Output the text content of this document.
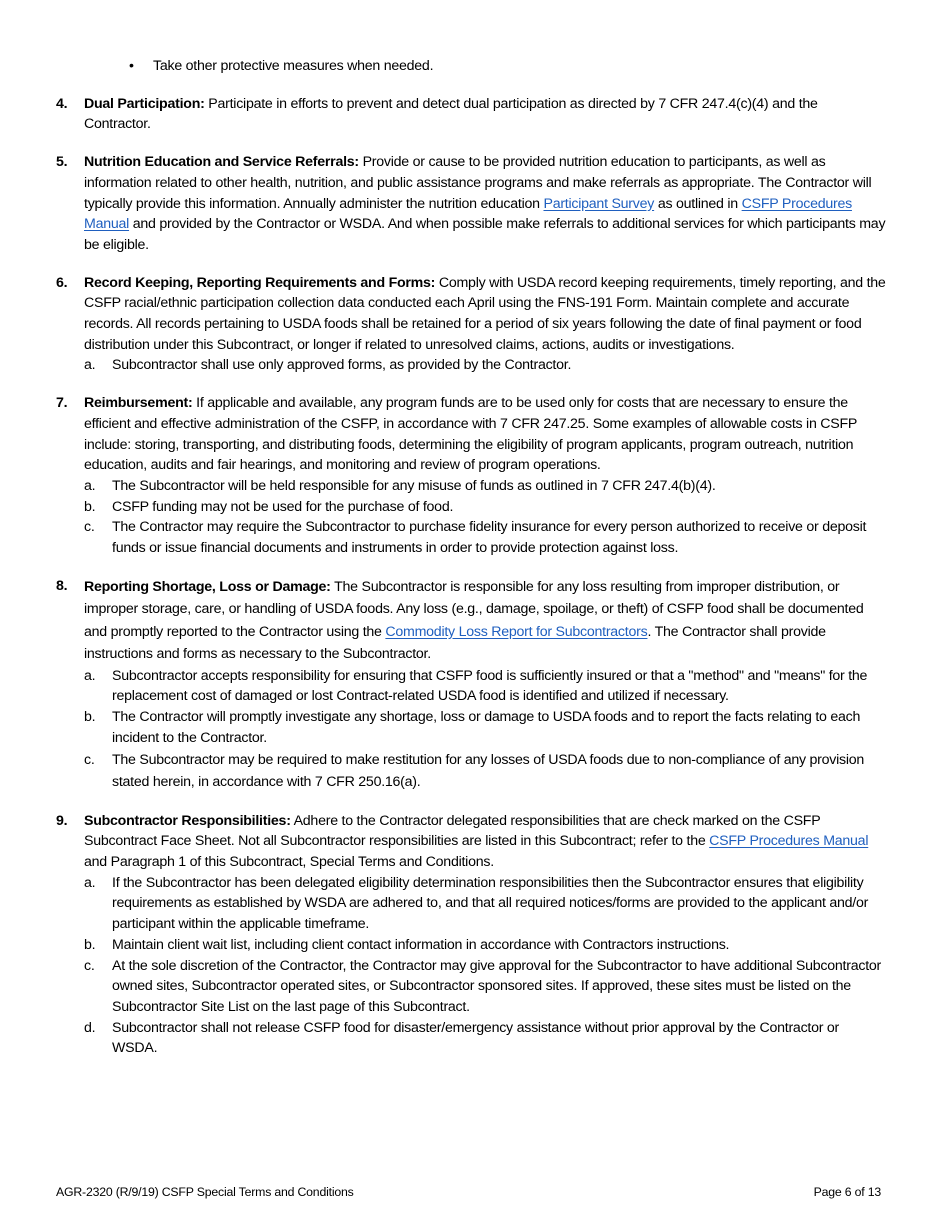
• Take other protective measures when needed.
4. Dual Participation: Participate in efforts to prevent and detect dual participation as directed by 7 CFR 247.4(c)(4) and the Contractor.
5. Nutrition Education and Service Referrals: Provide or cause to be provided nutrition education to participants, as well as information related to other health, nutrition, and public assistance programs and make referrals as appropriate. The Contractor will typically provide this information. Annually administer the nutrition education Participant Survey as outlined in CSFP Procedures Manual and provided by the Contractor or WSDA. And when possible make referrals to additional services for which participants may be eligible.
6. Record Keeping, Reporting Requirements and Forms: Comply with USDA record keeping requirements, timely reporting, and the CSFP racial/ethnic participation collection data conducted each April using the FNS-191 Form. Maintain complete and accurate records. All records pertaining to USDA foods shall be retained for a period of six years following the date of final payment or food distribution under this Subcontract, or longer if related to unresolved claims, actions, audits or investigations.
a. Subcontractor shall use only approved forms, as provided by the Contractor.
7. Reimbursement: If applicable and available, any program funds are to be used only for costs that are necessary to ensure the efficient and effective administration of the CSFP, in accordance with 7 CFR 247.25. Some examples of allowable costs in CSFP include: storing, transporting, and distributing foods, determining the eligibility of program applicants, program outreach, nutrition education, audits and fair hearings, and monitoring and review of program operations.
a. The Subcontractor will be held responsible for any misuse of funds as outlined in 7 CFR 247.4(b)(4).
b. CSFP funding may not be used for the purchase of food.
c. The Contractor may require the Subcontractor to purchase fidelity insurance for every person authorized to receive or deposit funds or issue financial documents and instruments in order to provide protection against loss.
8. Reporting Shortage, Loss or Damage: The Subcontractor is responsible for any loss resulting from improper distribution, or improper storage, care, or handling of USDA foods. Any loss (e.g., damage, spoilage, or theft) of CSFP food shall be documented and promptly reported to the Contractor using the Commodity Loss Report for Subcontractors. The Contractor shall provide instructions and forms as necessary to the Subcontractor.
a. Subcontractor accepts responsibility for ensuring that CSFP food is sufficiently insured or that a "method" and "means" for the replacement cost of damaged or lost Contract-related USDA food is identified and utilized if necessary.
b. The Contractor will promptly investigate any shortage, loss or damage to USDA foods and to report the facts relating to each incident to the Contractor.
c. The Subcontractor may be required to make restitution for any losses of USDA foods due to non-compliance of any provision stated herein, in accordance with 7 CFR 250.16(a).
9. Subcontractor Responsibilities: Adhere to the Contractor delegated responsibilities that are check marked on the CSFP Subcontract Face Sheet. Not all Subcontractor responsibilities are listed in this Subcontract; refer to the CSFP Procedures Manual and Paragraph 1 of this Subcontract, Special Terms and Conditions.
a. If the Subcontractor has been delegated eligibility determination responsibilities then the Subcontractor ensures that eligibility requirements as established by WSDA are adhered to, and that all required notices/forms are provided to the applicant and/or participant within the applicable timeframe.
b. Maintain client wait list, including client contact information in accordance with Contractors instructions.
c. At the sole discretion of the Contractor, the Contractor may give approval for the Subcontractor to have additional Subcontractor owned sites, Subcontractor operated sites, or Subcontractor sponsored sites. If approved, these sites must be listed on the Subcontractor Site List on the last page of this Subcontract.
d. Subcontractor shall not release CSFP food for disaster/emergency assistance without prior approval by the Contractor or WSDA.
AGR-2320 (R/9/19) CSFP Special Terms and Conditions	Page 6 of 13
